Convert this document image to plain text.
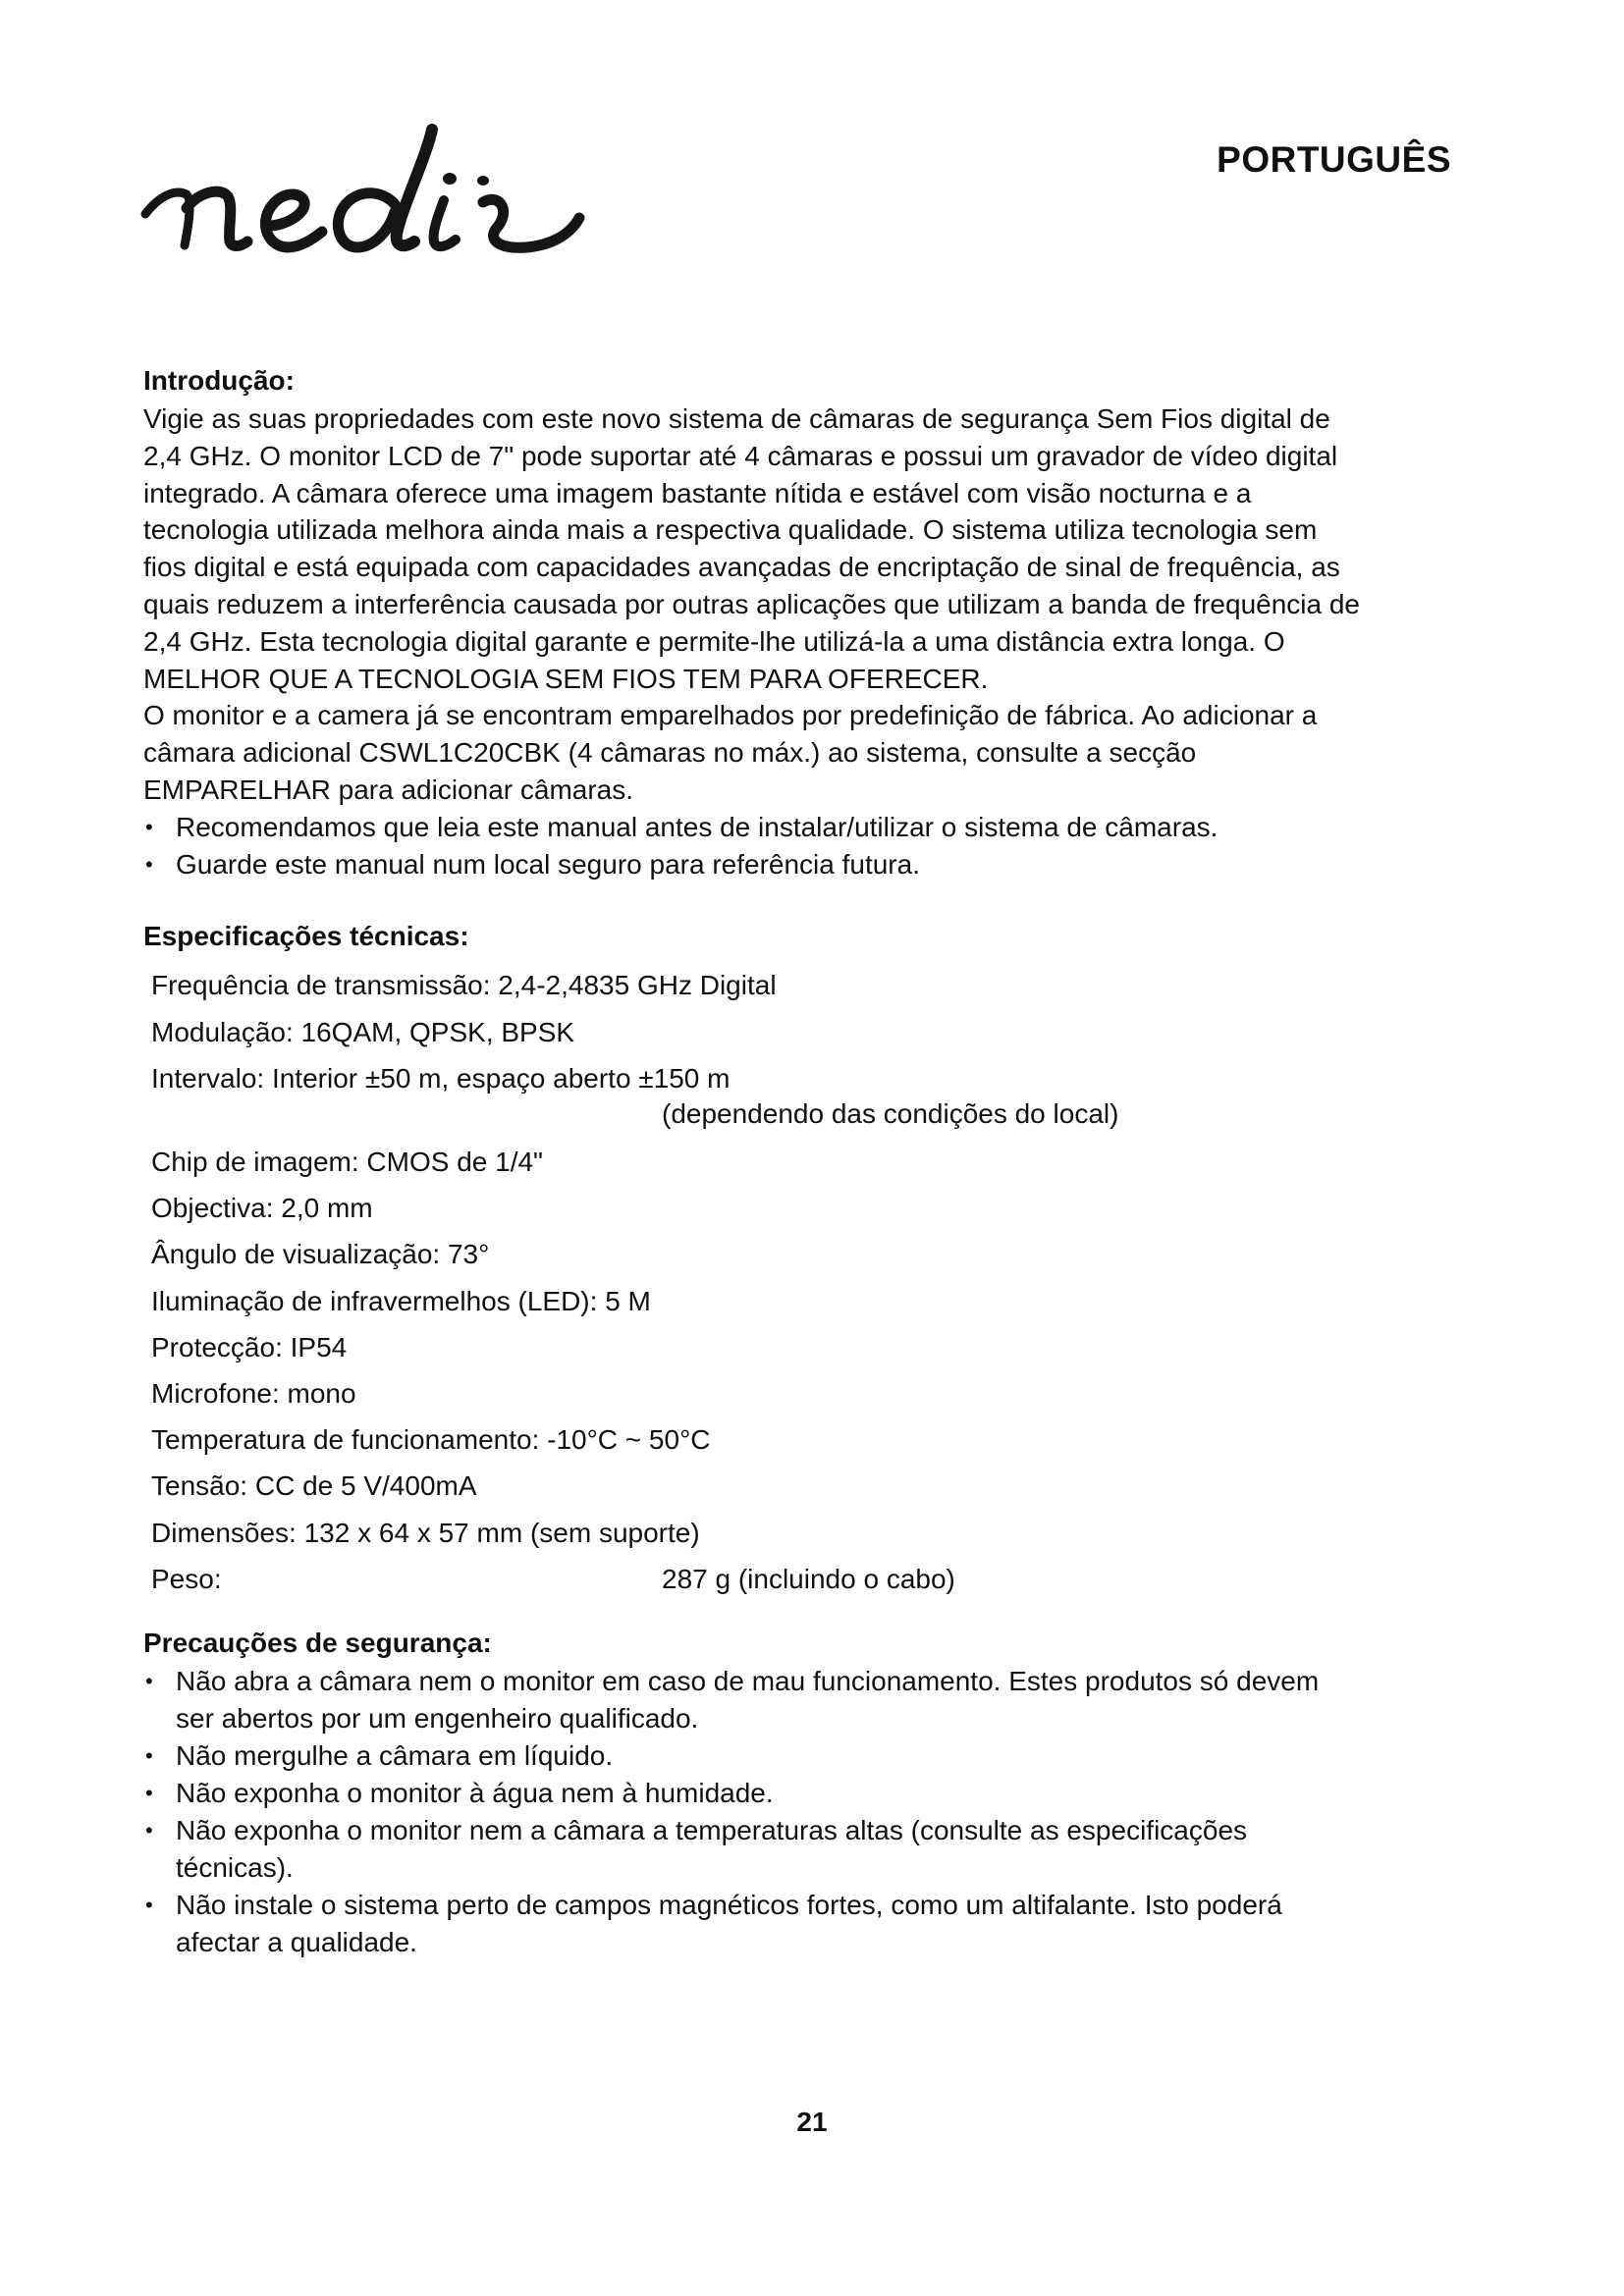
PORTUGUÊS
Introdução:

Vigie as suas propriedades com este novo sistema de câmaras de segurança Sem Fios digital de 2,4 GHz. O monitor LCD de 7" pode suportar até 4 câmaras e possui um gravador de vídeo digital integrado. A câmara oferece uma imagem bastante nítida e estável com visão nocturna e a tecnologia utilizada melhora ainda mais a respectiva qualidade. O sistema utiliza tecnologia sem fios digital e está equipada com capacidades avançadas de encriptação de sinal de frequência, as quais reduzem a interferência causada por outras aplicações que utilizam a banda de frequência de 2,4 GHz. Esta tecnologia digital garante e permite-lhe utilizá-la a uma distância extra longa. O MELHOR QUE A TECNOLOGIA SEM FIOS TEM PARA OFERECER.

O monitor e a camera já se encontram emparelhados por predefinição de fábrica. Ao adicionar a câmara adicional CSWL1C20CBK (4 câmaras no máx.) ao sistema, consulte a secção EMPARELHAR para adicionar câmaras.

• Recomendamos que leia este manual antes de instalar/utilizar o sistema de câmaras.
• Guarde este manual num local seguro para referência futura.
Especificações técnicas:

Frequência de transmissão: 2,4-2,4835 GHz Digital

Modulação: 16QAM, QPSK, BPSK

Intervalo: Interior ±50 m, espaço aberto ±150 m

(dependendo das condições do local)

Chip de imagem: CMOS de 1/4"

Objectiva: 2,0 mm

Ângulo de visualização: 73°

Iluminação de infravermelhos (LED): 5 M

Protecção: IP54

Microfone: mono

Temperatura de funcionamento: -10°C ~ 50°C

Tensão: CC de 5 V/400mA

Dimensões: 132 x 64 x 57 mm (sem suporte)

Peso:	287 g (incluindo o cabo)

Precauções de segurança:
• Não abra a câmara nem o monitor em caso de mau funcionamento. Estes produtos só devem ser abertos por um engenheiro qualificado.
• Não mergulhe a câmara em líquido.
• Não exponha o monitor à água nem à humidade.
• Não exponha o monitor nem a câmara a temperaturas altas (consulte as especificações técnicas).
• Não instale o sistema perto de campos magnéticos fortes, como um altifalante. Isto poderá afectar a qualidade.

21
